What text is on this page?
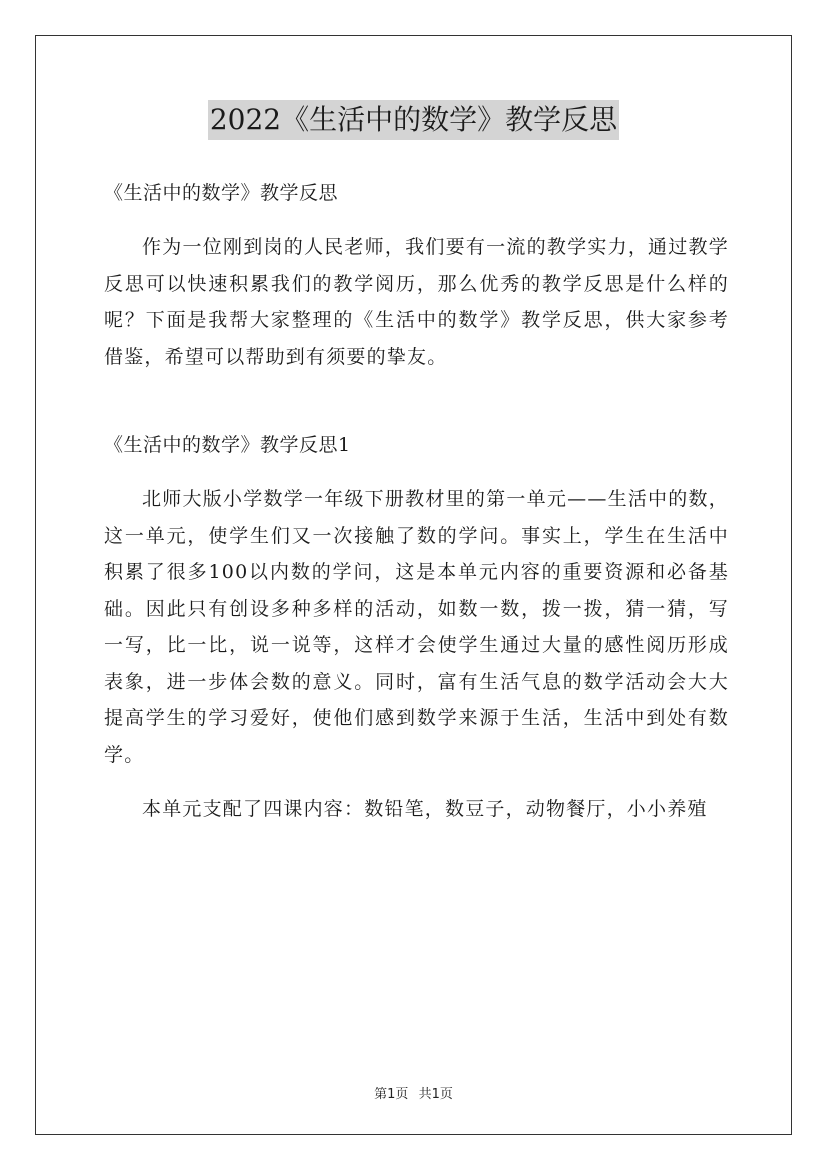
2022《生活中的数学》教学反思

《生活中的数学》教学反思

作为一位刚到岗的人民老师，我们要有一流的教学实力，通过教学反思可以快速积累我们的教学阅历，那么优秀的教学反思是什么样的呢？下面是我帮大家整理的《生活中的数学》教学反思，供大家参考借鉴，希望可以帮助到有须要的挚友。

《生活中的数学》教学反思1

北师大版小学数学一年级下册教材里的第一单元——生活中的数，这一单元，使学生们又一次接触了数的学问。事实上，学生在生活中积累了很多100以内数的学问，这是本单元内容的重要资源和必备基础。因此只有创设多种多样的活动，如数一数，拨一拨，猜一猜，写一写，比一比，说一说等，这样才会使学生通过大量的感性阅历形成表象，进一步体会数的意义。同时，富有生活气息的数学活动会大大提高学生的学习爱好，使他们感到数学来源于生活，生活中到处有数学。

本单元支配了四课内容：数铅笔，数豆子，动物餐厅，小小养殖

第1页 共1页
